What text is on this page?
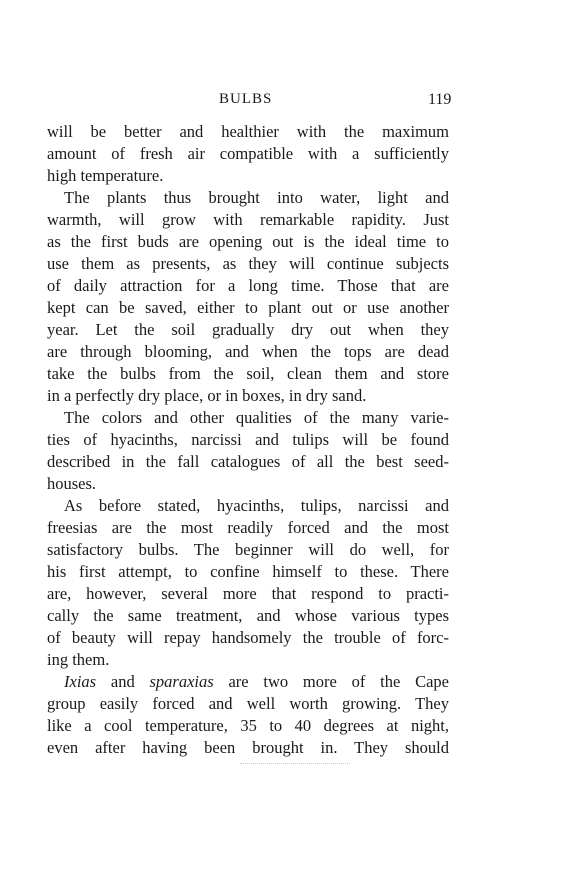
BULBS	119
will be better and healthier with the maximum
amount of fresh air compatible with a sufficiently
high temperature.
The plants thus brought into water, light and
warmth, will grow with remarkable rapidity. Just
as the first buds are opening out is the ideal time to
use them as presents, as they will continue subjects
of daily attraction for a long time. Those that are
kept can be saved, either to plant out or use another
year. Let the soil gradually dry out when they
are through blooming, and when the tops are dead
take the bulbs from the soil, clean them and store
in a perfectly dry place, or in boxes, in dry sand.
The colors and other qualities of the many varie-
ties of hyacinths, narcissi and tulips will be found
described in the fall catalogues of all the best seed-
houses.
As before stated, hyacinths, tulips, narcissi and
freesias are the most readily forced and the most
satisfactory bulbs. The beginner will do well, for
his first attempt, to confine himself to these. There
are, however, several more that respond to practi-
cally the same treatment, and whose various types
of beauty will repay handsomely the trouble of forc-
ing them.
Ixias and sparaxias are two more of the Cape
group easily forced and well worth growing. They
like a cool temperature, 35 to 40 degrees at night,
even after having been brought in. They should
